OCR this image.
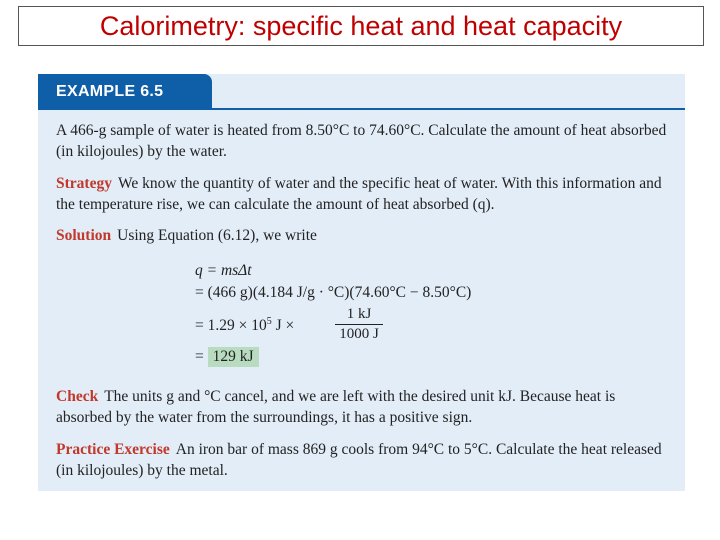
Calorimetry: specific heat and heat capacity
EXAMPLE 6.5
A 466-g sample of water is heated from 8.50°C to 74.60°C. Calculate the amount of heat absorbed (in kilojoules) by the water.
Strategy We know the quantity of water and the specific heat of water. With this information and the temperature rise, we can calculate the amount of heat absorbed (q).
Solution Using Equation (6.12), we write
q = msΔt
= (466 g)(4.184 J/g · °C)(74.60°C − 8.50°C)
= $1.29 \times 10^5$ J ×
1 kJ
1000 J
= 129 kJ
Check The units g and °C cancel, and we are left with the desired unit kJ. Because heat is absorbed by the water from the surroundings, it has a positive sign.
Practice Exercise An iron bar of mass 869 g cools from 94°C to 5°C. Calculate the heat released (in kilojoules) by the metal.
